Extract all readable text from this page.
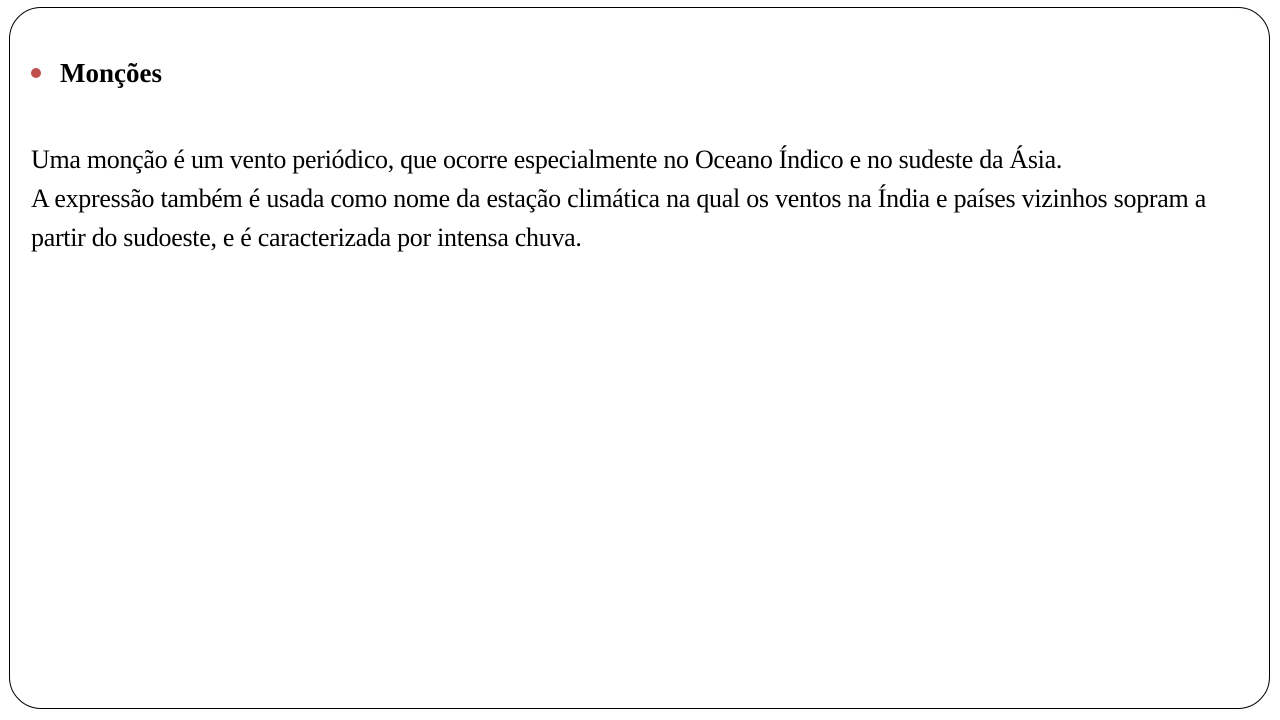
Monções

Uma monção é um vento periódico, que ocorre especialmente no Oceano Índico e no sudeste da Ásia.
A expressão também é usada como nome da estação climática na qual os ventos na Índia e países vizinhos sopram a partir do sudoeste, e é caracterizada por intensa chuva.
